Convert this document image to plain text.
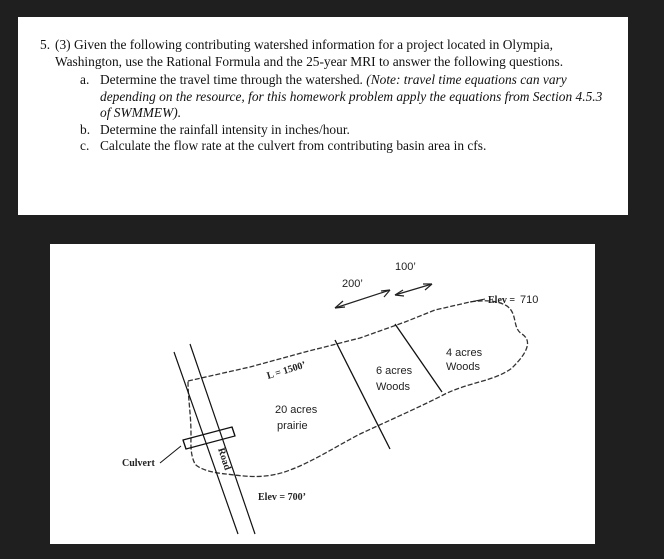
5. (3) Given the following contributing watershed information for a project located in Olympia, Washington, use the Rational Formula and the 25-year MRI to answer the following questions.
a. Determine the travel time through the watershed. (Note: travel time equations can vary depending on the resource, for this homework problem apply the equations from Section 4.5.3 of SWMMEW).
b. Determine the rainfall intensity in inches/hour.
c. Calculate the flow rate at the culvert from contributing basin area in cfs.
200’
100’
Elev = 710
L = 1500’
4 acres
Woods
6 acres
Woods
20 acres
prairie
Culvert	Road
Elev = 700’
